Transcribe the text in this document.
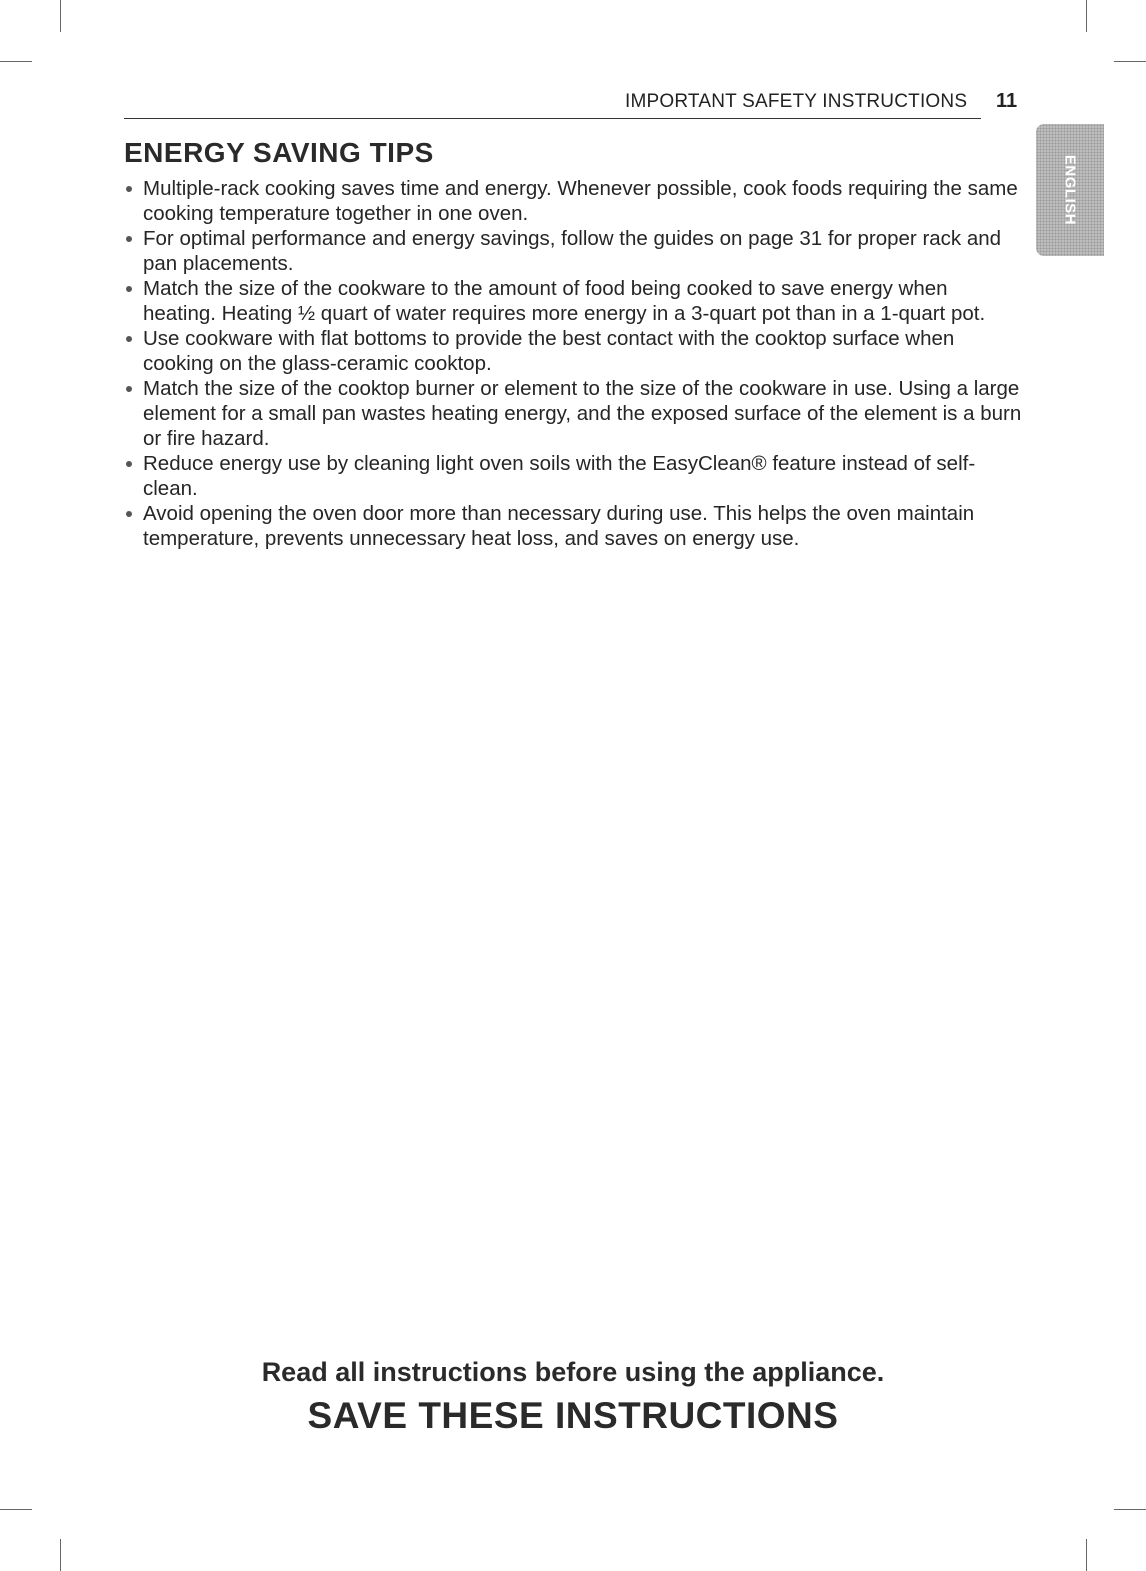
IMPORTANT SAFETY INSTRUCTIONS 11
ENGLISH
ENERGY SAVING TIPS
Multiple-rack cooking saves time and energy. Whenever possible, cook foods requiring the same cooking temperature together in one oven.
For optimal performance and energy savings, follow the guides on page 31 for proper rack and pan placements.
Match the size of the cookware to the amount of food being cooked to save energy when heating. Heating ½ quart of water requires more energy in a 3-quart pot than in a 1-quart pot.
Use cookware with flat bottoms to provide the best contact with the cooktop surface when cooking on the glass-ceramic cooktop.
Match the size of the cooktop burner or element to the size of the cookware in use. Using a large element for a small pan wastes heating energy, and the exposed surface of the element is a burn or fire hazard.
Reduce energy use by cleaning light oven soils with the EasyClean® feature instead of self-clean.
Avoid opening the oven door more than necessary during use. This helps the oven maintain temperature, prevents unnecessary heat loss, and saves on energy use.
Read all instructions before using the appliance.
SAVE THESE INSTRUCTIONS
